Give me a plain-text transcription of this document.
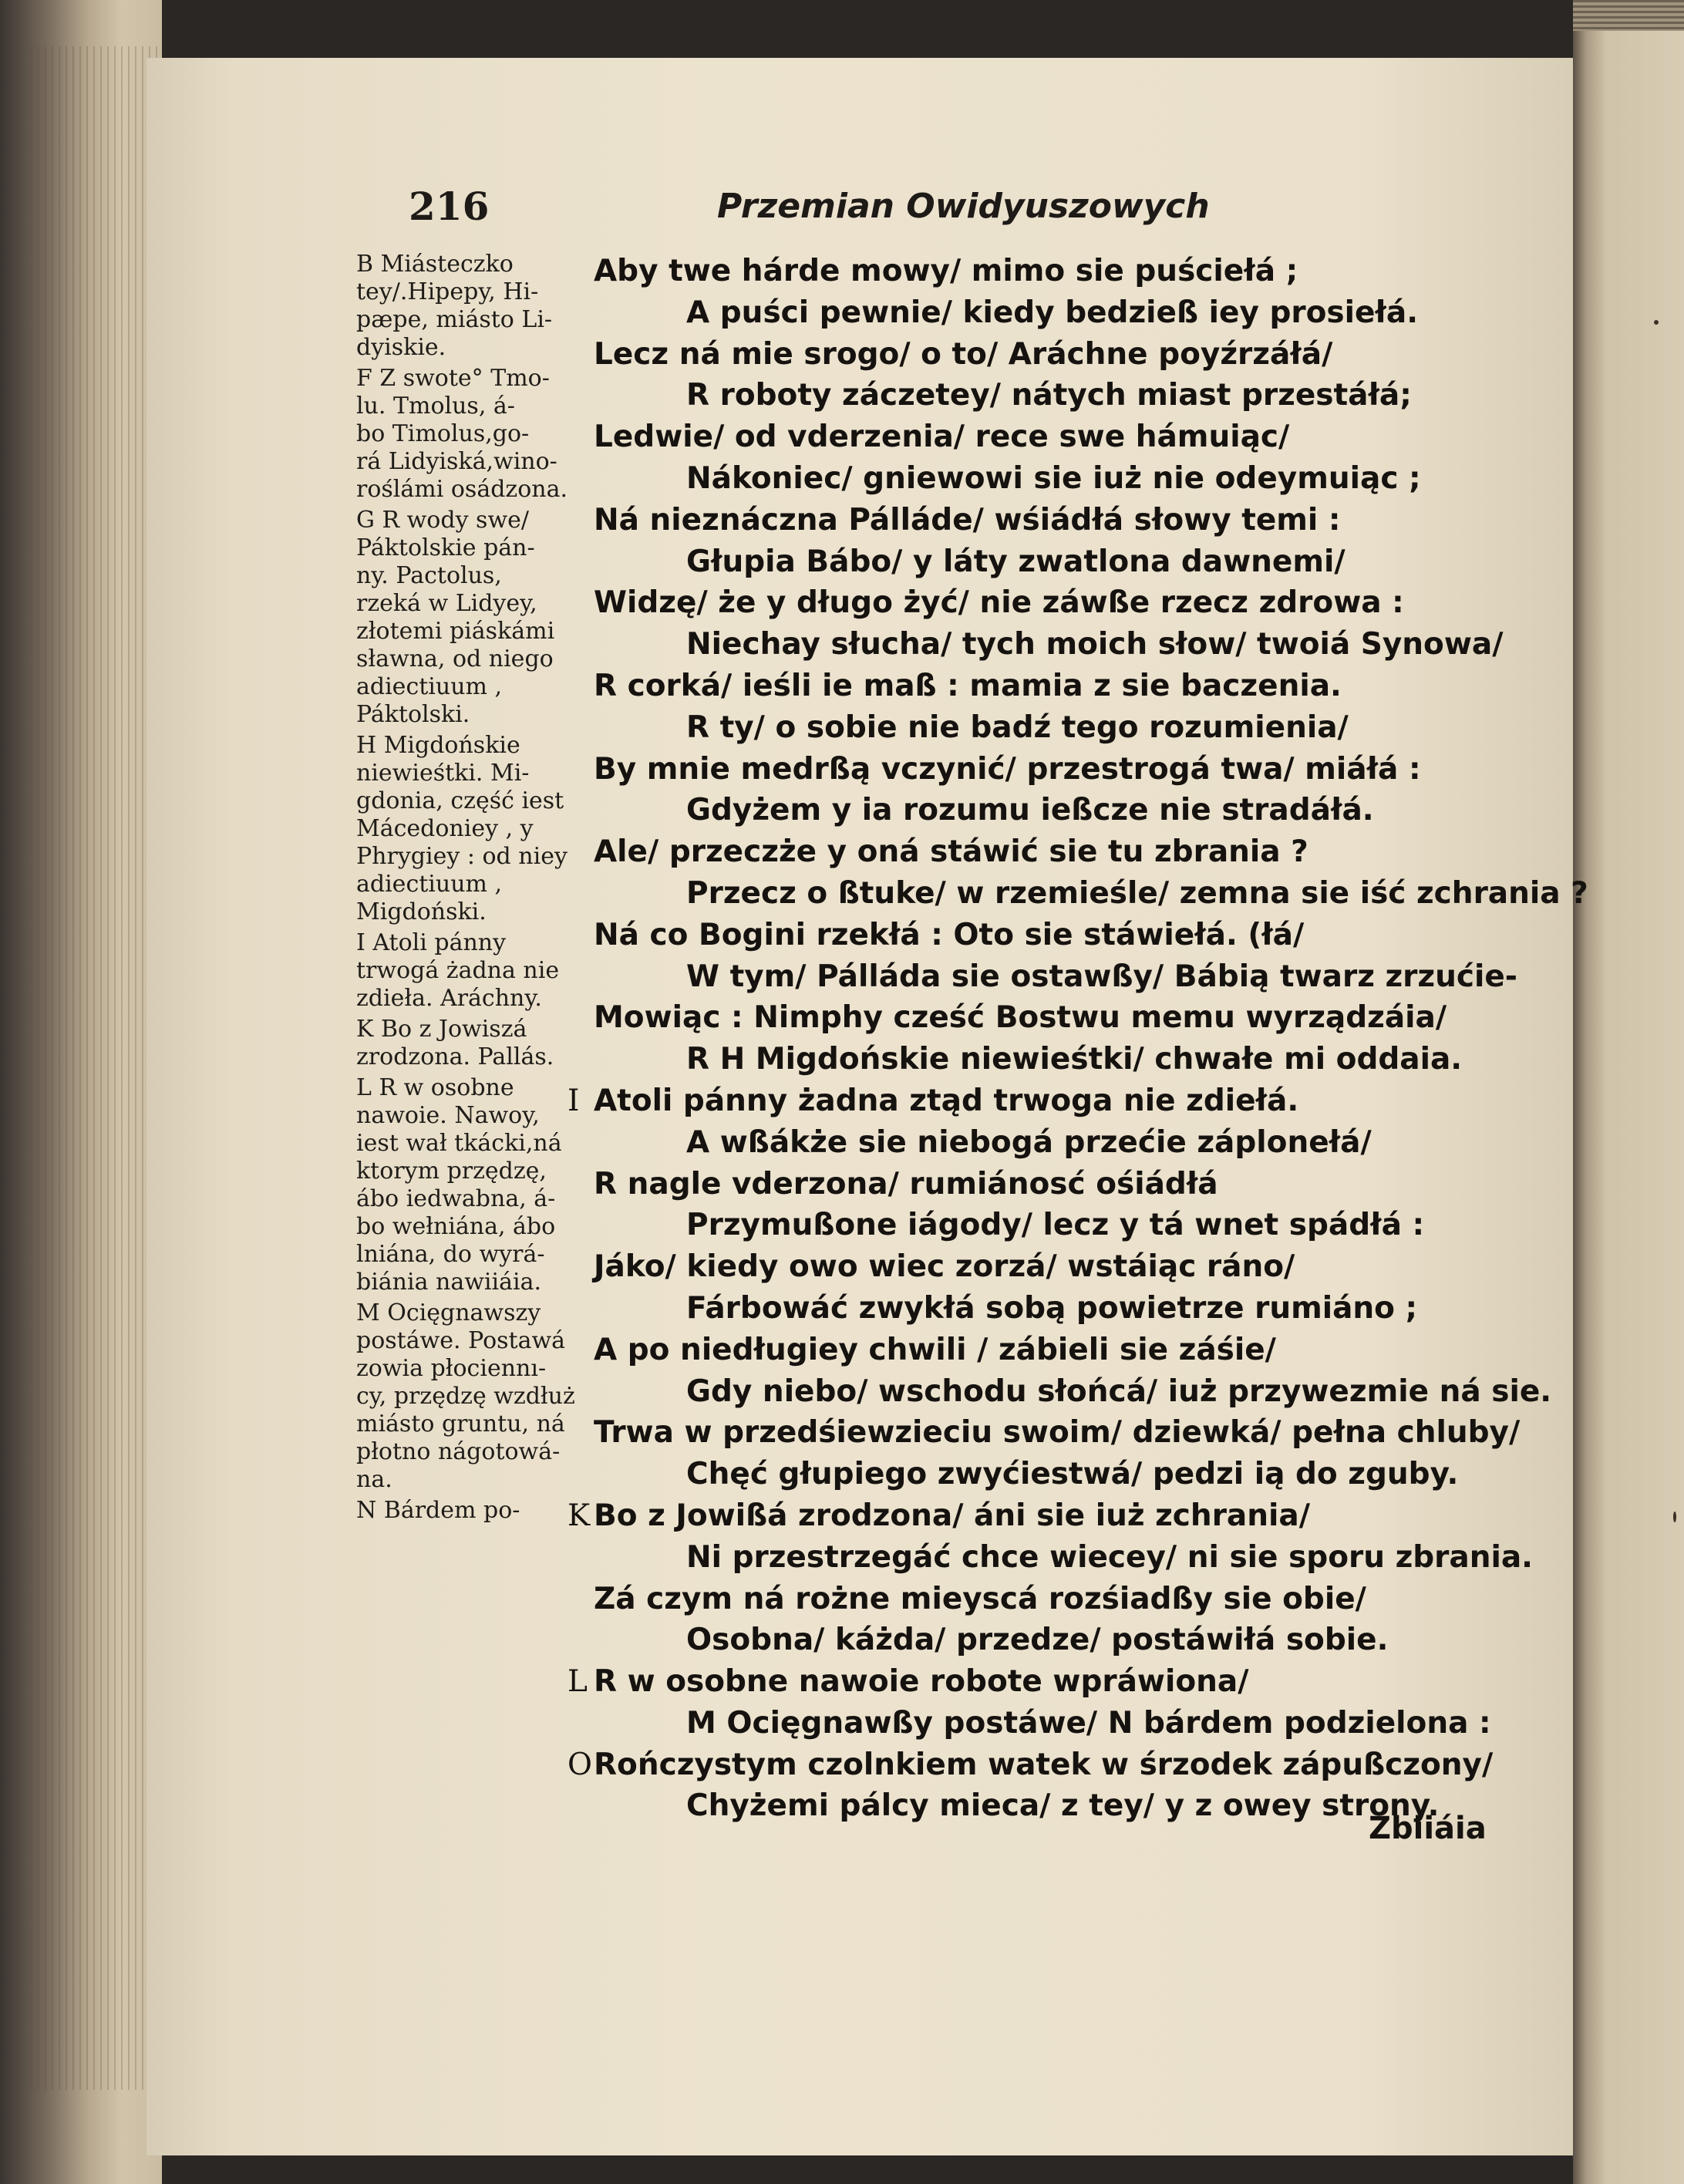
216	Przemian Owidyuszowych
B Miásteczko
tey/.Hipepy, Hi-
pæpe, miásto Li-
dyiskie.
F Z swote° Tmo-
lu. Tmolus, á-
bo Timolus,go-
rá Lidyiská,wino-
roślámi osádzona.
G R wody swe/
Páktolskie pán-
ny. Pactolus,
rzeká w Lidyey,
złotemi piáskámi
sławna, od niego
adiectiuum ,
Páktolski.
H Migdońskie
niewieśtki. Mi-
gdonia, część iest
Mácedoniey , y
Phrygiey : od niey
adiectiuum ,
Migdoński.
I Atoli pánny
trwogá żadna nie
zdieła. Aráchny.
K Bo z Jowiszá
zrodzona. Pallás.
L R w osobne
nawoie. Nawoy,
iest wał tkácki,ná
ktorym przędzę,
ábo iedwabna, á-
bo wełniána, ábo
lniána, do wyrá-
biánia nawiiáia.
M Ocięgnawszy
postáwe. Postawá
zowia płociennı-
cy, przędzę wzdłuż
miásto gruntu, ná
płotno nágotowá-
na.
N Bárdem po-
Aby twe hárde mowy/ mimo sie puściełá ;
A puści pewnie/ kiedy bedzieß iey prosiełá.
Lecz ná mie srogo/ o to/ Aráchne poyźrzáłá/
R roboty záczetey/ nátych miast przestáłá;
Ledwie/ od vderzenia/ rece swe hámuiąc/
Nákoniec/ gniewowi sie iuż nie odeymuiąc ;
Ná nieznáczna Pálláde/ wśiádłá słowy temi :
Głupia Bábo/ y láty zwatlona dawnemi/
Widzę/ że y długo żyć/ nie záwße rzecz zdrowa :
Niechay słucha/ tych moich słow/ twoiá Synowa/
R corká/ ieśli ie maß : mamia z sie baczenia.
R ty/ o sobie nie badź tego rozumienia/
By mnie medrßą vczynić/ przestrogá twa/ miáłá :
Gdyżem y ia rozumu ießcze nie stradáłá.
Ale/ przeczże y oná stáwić sie tu zbrania ?
Przecz o ßtuke/ w rzemieśle/ zemna sie iść zchrania ?
Ná co Bogini rzekłá : Oto sie stáwiełá. (łá/
W tym/ Pálláda sie ostawßy/ Bábią twarz zrzućie-
Mowiąc : Nimphy cześć Bostwu memu wyrządzáia/
R H Migdońskie niewieśtki/ chwałe mi oddaia.
I Atoli pánny żadna ztąd trwoga nie zdiełá.
A wßákże sie niebogá przećie záplonełá/
R nagle vderzona/ rumiánosć ośiádłá
Przymußone iágody/ lecz y tá wnet spádłá :
Jáko/ kiedy owo wiec zorzá/ wstáiąc ráno/
Fárbowáć zwykłá sobą powietrze rumiáno ;
A po niedługiey chwili / zábieli sie záśie/
Gdy niebo/ wschodu słońcá/ iuż przywezmie ná sie.
Trwa w przedśiewzieciu swoim/ dziewká/ pełna chluby/
Chęć głupiego zwyćiestwá/ pedzi ią do zguby.
K Bo z Jowißá zrodzona/ áni sie iuż zchrania/
Ni przestrzegáć chce wiecey/ ni sie sporu zbrania.
Zá czym ná rożne mieyscá rozśiadßy sie obie/
Osobna/ káżda/ przedze/ postáwiłá sobie.
L R w osobne nawoie robote wpráwiona/
M Ocięgnawßy postáwe/ N bárdem podzielona :
O Rończystym czolnkiem watek w śrzodek zápußczony/
Chyżemi pálcy mieca/ z tey/ y z owey strony.
Zbiiáia
